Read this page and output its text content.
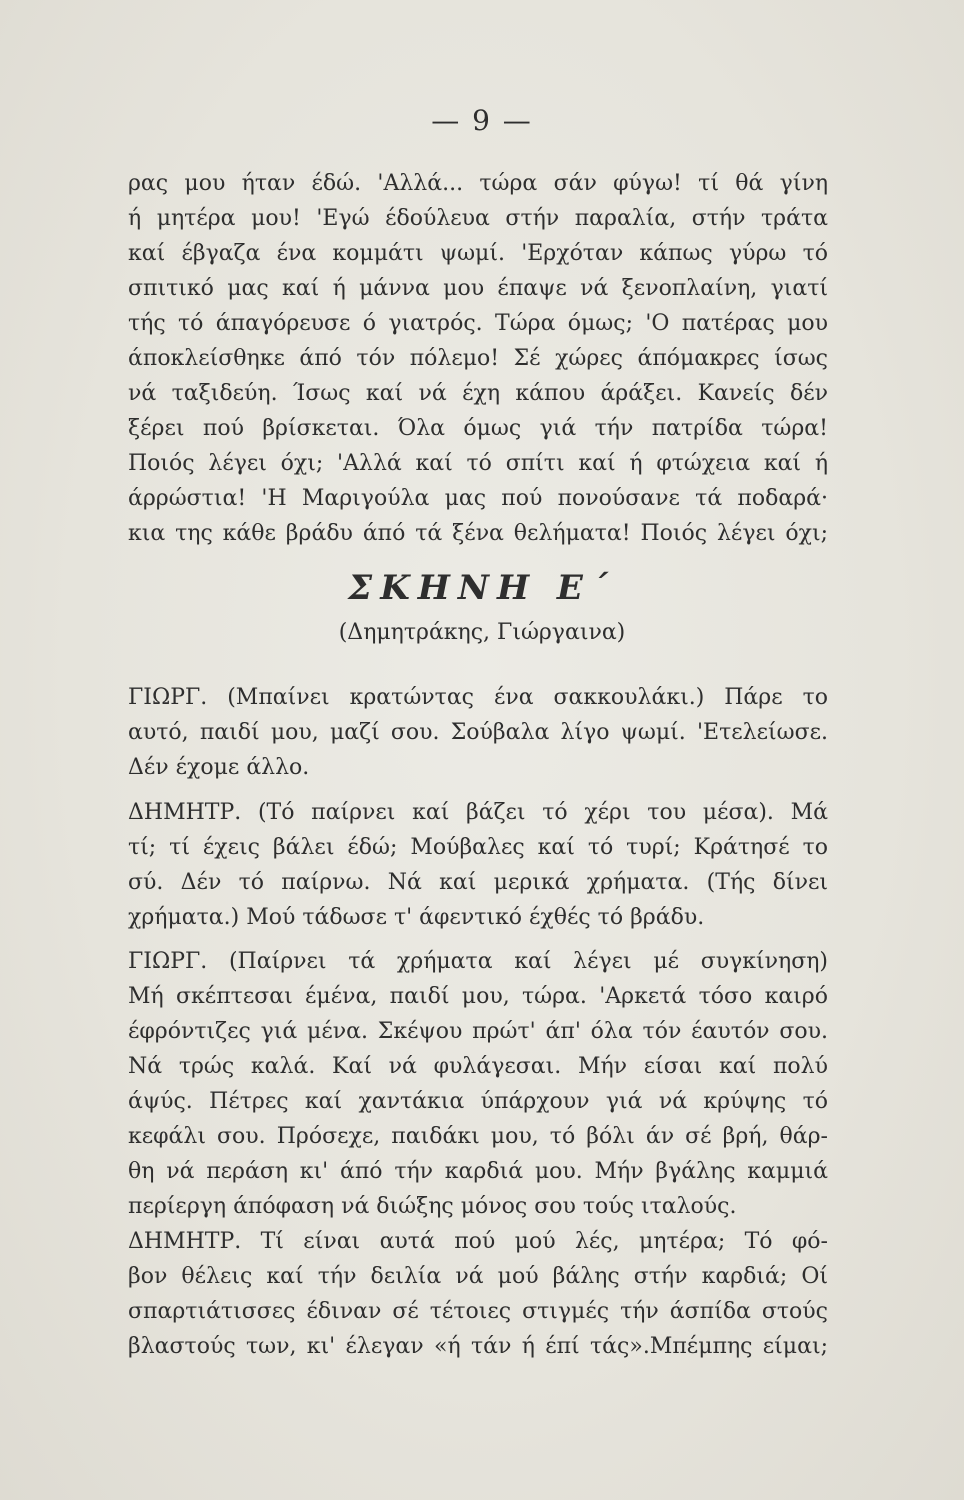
— 9 —
ρας μου ήταν έδώ. 'Αλλά... τώρα σάν φύγω! τί θά γίνη
ή μητέρα μου! 'Εγώ έδούλευα στήν παραλία, στήν τράτα
καί έβγαζα ένα κομμάτι ψωμί. 'Ερχόταν κάπως γύρω τό
σπιτικό μας καί ή μάννα μου έπαψε νά ξενοπλαίνη, γιατί
τής τό άπαγόρευσε ό γιατρός. Τώρα όμως; 'Ο πατέρας μου
άποκλείσθηκε άπό τόν πόλεμο! Σέ χώρες άπόμακρες ίσως
νά ταξιδεύη. Ίσως καί νά έχη κάπου άράξει. Κανείς δέν
ξέρει πού βρίσκεται. Όλα όμως γιά τήν πατρίδα τώρα!
Ποιός λέγει όχι; 'Αλλά καί τό σπίτι καί ή φτώχεια καί ή
άρρώστια! 'Η Μαριγούλα μας πού πονούσανε τά ποδαρά·
κια της κάθε βράδυ άπό τά ξένα θελήματα! Ποιός λέγει όχι;
ΣΚΗΝΗ Ε΄
(Δημητράκης, Γιώργαινα)
ΓΙΩΡΓ. (Μπαίνει κρατώντας ένα σακκουλάκι.) Πάρε το
αυτό, παιδί μου, μαζί σου. Σούβαλα λίγο ψωμί. 'Ετελείωσε.
Δέν έχομε άλλο.
ΔΗΜΗΤΡ. (Τό παίρνει καί βάζει τό χέρι του μέσα). Μά
τί; τί έχεις βάλει έδώ; Μούβαλες καί τό τυρί; Κράτησέ το
σύ. Δέν τό παίρνω. Νά καί μερικά χρήματα. (Τής δίνει
χρήματα.) Μού τάδωσε τ' άφεντικό έχθές τό βράδυ.
ΓΙΩΡΓ. (Παίρνει τά χρήματα καί λέγει μέ συγκίνηση)
Μή σκέπτεσαι έμένα, παιδί μου, τώρα. 'Αρκετά τόσο καιρό
έφρόντιζες γιά μένα. Σκέψου πρώτ' άπ' όλα τόν έαυτόν σου.
Νά τρώς καλά. Καί νά φυλάγεσαι. Μήν είσαι καί πολύ
άψύς. Πέτρες καί χαντάκια ύπάρχουν γιά νά κρύψης τό
κεφάλι σου. Πρόσεχε, παιδάκι μου, τό βόλι άν σέ βρή, θάρ-
θη νά περάση κι' άπό τήν καρδιά μου. Μήν βγάλης καμμιά
περίεργη άπόφαση νά διώξης μόνος σου τούς ιταλούς.
ΔΗΜΗΤΡ. Τί είναι αυτά πού μού λές, μητέρα; Τό φό-
βον θέλεις καί τήν δειλία νά μού βάλης στήν καρδιά; Οί
σπαρτιάτισσες έδιναν σέ τέτοιες στιγμές τήν άσπίδα στούς
βλαστούς των, κι' έλεγαν «ή τάν ή έπί τάς».Μπέμπης είμαι;
